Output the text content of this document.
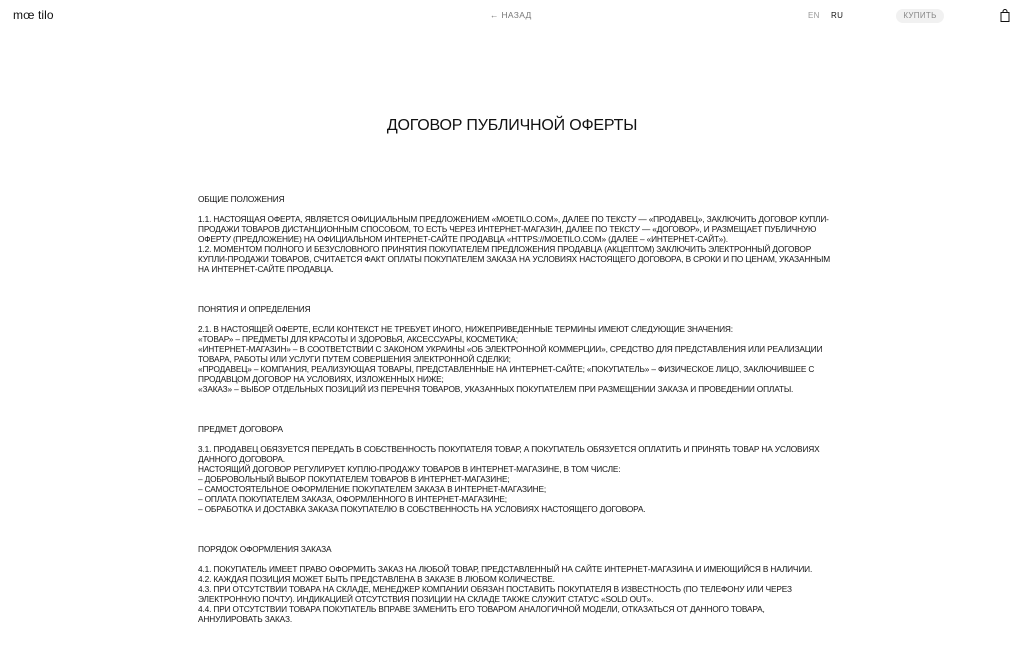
mœ tilo	← НАЗАД	EN RU	КУПИТЬ
ДОГОВОР ПУБЛИЧНОЙ ОФЕРТЫ
ОБЩИЕ ПОЛОЖЕНИЯ

1.1. НАСТОЯЩАЯ ОФЕРТА, ЯВЛЯЕТСЯ ОФИЦИАЛЬНЫМ ПРЕДЛОЖЕНИЕМ «MOETILO.COM», ДАЛЕЕ ПО ТЕКСТУ — «ПРОДАВЕЦ», ЗАКЛЮЧИТЬ ДОГОВОР КУПЛИ-ПРОДАЖИ ТОВАРОВ ДИСТАНЦИОННЫМ СПОСОБОМ, ТО ЕСТЬ ЧЕРЕЗ ИНТЕРНЕТ-МАГАЗИН, ДАЛЕЕ ПО ТЕКСТУ — «ДОГОВОР», И РАЗМЕЩАЕТ ПУБЛИЧНУЮ ОФЕРТУ (ПРЕДЛОЖЕНИЕ) НА ОФИЦИАЛЬНОМ ИНТЕРНЕТ-САЙТЕ ПРОДАВЦА «HTTPS://MOETILO.COM» (ДАЛЕЕ – «ИНТЕРНЕТ-САЙТ»).

1.2. МОМЕНТОМ ПОЛНОГО И БЕЗУСЛОВНОГО ПРИНЯТИЯ ПОКУПАТЕЛЕМ ПРЕДЛОЖЕНИЯ ПРОДАВЦА (АКЦЕПТОМ) ЗАКЛЮЧИТЬ ЭЛЕКТРОННЫЙ ДОГОВОР КУПЛИ-ПРОДАЖИ ТОВАРОВ, СЧИТАЕТСЯ ФАКТ ОПЛАТЫ ПОКУПАТЕЛЕМ ЗАКАЗА НА УСЛОВИЯХ НАСТОЯЩЕГО ДОГОВОРА, В СРОКИ И ПО ЦЕНАМ, УКАЗАННЫМ НА ИНТЕРНЕТ-САЙТЕ ПРОДАВЦА.

ПОНЯТИЯ И ОПРЕДЕЛЕНИЯ

2.1. В НАСТОЯЩЕЙ ОФЕРТЕ, ЕСЛИ КОНТЕКСТ НЕ ТРЕБУЕТ ИНОГО, НИЖЕПРИВЕДЕННЫЕ ТЕРМИНЫ ИМЕЮТ СЛЕДУЮЩИЕ ЗНАЧЕНИЯ:

«ТОВАР» – ПРЕДМЕТЫ ДЛЯ КРАСОТЫ И ЗДОРОВЬЯ, АКСЕССУАРЫ, КОСМЕТИКА;

«ИНТЕРНЕТ-МАГАЗИН» – В СООТВЕТСТВИИ С ЗАКОНОМ УКРАИНЫ «ОБ ЭЛЕКТРОННОЙ КОММЕРЦИИ», СРЕДСТВО ДЛЯ ПРЕДСТАВЛЕНИЯ ИЛИ РЕАЛИЗАЦИИ ТОВАРА, РАБОТЫ ИЛИ УСЛУГИ ПУТЕМ СОВЕРШЕНИЯ ЭЛЕКТРОННОЙ СДЕЛКИ;

«ПРОДАВЕЦ» – КОМПАНИЯ, РЕАЛИЗУЮЩАЯ ТОВАРЫ, ПРЕДСТАВЛЕННЫЕ НА ИНТЕРНЕТ-САЙТЕ; «ПОКУПАТЕЛЬ» – ФИЗИЧЕСКОЕ ЛИЦО, ЗАКЛЮЧИВШЕЕ С ПРОДАВЦОМ ДОГОВОР НА УСЛОВИЯХ, ИЗЛОЖЕННЫХ НИЖЕ;

«ЗАКАЗ» – ВЫБОР ОТДЕЛЬНЫХ ПОЗИЦИЙ ИЗ ПЕРЕЧНЯ ТОВАРОВ, УКАЗАННЫХ ПОКУПАТЕЛЕМ ПРИ РАЗМЕЩЕНИИ ЗАКАЗА И ПРОВЕДЕНИИ ОПЛАТЫ.

ПРЕДМЕТ ДОГОВОРА

3.1. ПРОДАВЕЦ ОБЯЗУЕТСЯ ПЕРЕДАТЬ В СОБСТВЕННОСТЬ ПОКУПАТЕЛЯ ТОВАР, А ПОКУПАТЕЛЬ ОБЯЗУЕТСЯ ОПЛАТИТЬ И ПРИНЯТЬ ТОВАР НА УСЛОВИЯХ ДАННОГО ДОГОВОРА.

НАСТОЯЩИЙ ДОГОВОР РЕГУЛИРУЕТ КУПЛЮ-ПРОДАЖУ ТОВАРОВ В ИНТЕРНЕТ-МАГАЗИНЕ, В ТОМ ЧИСЛЕ:

– ДОБРОВОЛЬНЫЙ ВЫБОР ПОКУПАТЕЛЕМ ТОВАРОВ В ИНТЕРНЕТ-МАГАЗИНЕ;

– САМОСТОЯТЕЛЬНОЕ ОФОРМЛЕНИЕ ПОКУПАТЕЛЕМ ЗАКАЗА В ИНТЕРНЕТ-МАГАЗИНЕ;

– ОПЛАТА ПОКУПАТЕЛЕМ ЗАКАЗА, ОФОРМЛЕННОГО В ИНТЕРНЕТ-МАГАЗИНЕ;

– ОБРАБОТКА И ДОСТАВКА ЗАКАЗА ПОКУПАТЕЛЮ В СОБСТВЕННОСТЬ НА УСЛОВИЯХ НАСТОЯЩЕГО ДОГОВОРА.

ПОРЯДОК ОФОРМЛЕНИЯ ЗАКАЗА

4.1. ПОКУПАТЕЛЬ ИМЕЕТ ПРАВО ОФОРМИТЬ ЗАКАЗ НА ЛЮБОЙ ТОВАР, ПРЕДСТАВЛЕННЫЙ НА САЙТЕ ИНТЕРНЕТ-МАГАЗИНА И ИМЕЮЩИЙСЯ В НАЛИЧИИ.

4.2. КАЖДАЯ ПОЗИЦИЯ МОЖЕТ БЫТЬ ПРЕДСТАВЛЕНА В ЗАКАЗЕ В ЛЮБОМ КОЛИЧЕСТВЕ.

4.3. ПРИ ОТСУТСТВИИ ТОВАРА НА СКЛАДЕ, МЕНЕДЖЕР КОМПАНИИ ОБЯЗАН ПОСТАВИТЬ ПОКУПАТЕЛЯ В ИЗВЕСТНОСТЬ (ПО ТЕЛЕФОНУ ИЛИ ЧЕРЕЗ ЭЛЕКТРОННУЮ ПОЧТУ). ИНДИКАЦИЕЙ ОТСУТСТВИЯ ПОЗИЦИИ НА СКЛАДЕ ТАКЖЕ СЛУЖИТ СТАТУС «SOLD OUT».

4.4. ПРИ ОТСУТСТВИИ ТОВАРА ПОКУПАТЕЛЬ ВПРАВЕ ЗАМЕНИТЬ ЕГО ТОВАРОМ АНАЛОГИЧНОЙ МОДЕЛИ, ОТКАЗАТЬСЯ ОТ ДАННОГО ТОВАРА, АННУЛИРОВАТЬ ЗАКАЗ.
